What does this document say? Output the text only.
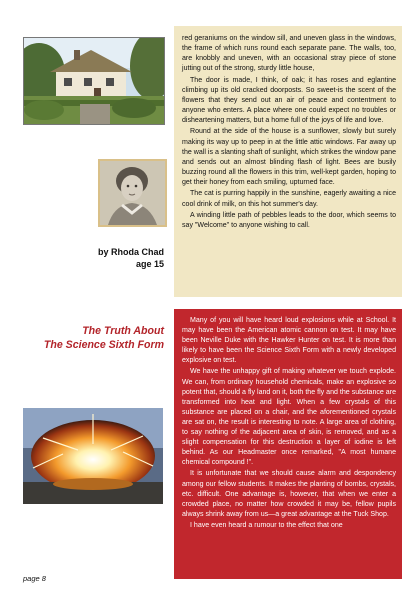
by Rhoda Chad
age 15

red geraniums on the window sill, and uneven glass in the windows, the frame of which runs round each separate pane. The walls, too, are knobbly and uneven, with an occasional stray piece of stone jutting out of the strong, sturdy little house,

The door is made, I think, of oak; it has roses and eglantine climbing up its old cracked doorposts. So sweet-is the scent of the flowers that they send out an air of peace and contentment to anyone who enters. A place where one could expect no troubles or disheartening matters, but a home full of the joys of life and love.

Round at the side of the house is a sunflower, slowly but surely making its way up to peep in at the little attic windows. Far away up the wall is a slanting shaft of sunlight, which strikes the window pane and sends out an almost blinding flash of light. Bees are busily buzzing round all the flowers in this trim, well-kept garden, hoping to get their honey from each smiling, upturned face.

The cat is purring happily in the sunshine, eagerly awaiting a nice cool drink of milk, on this hot summer's day.

A winding little path of pebbles leads to the door, which seems to say "Welcome" to anyone wishing to call.

The Truth About
The Science Sixth Form

Many of you will have heard loud explosions while at School. It may have been the American atomic cannon on test. It may have been Neville Duke with the Hawker Hunter on test. It is more than likely to have been the Science Sixth Form with a newly developed explosive on test.

We have the unhappy gift of making whatever we touch explode. We can, from ordinary household chemicals, make an explosive so potent that, should a fly land on it, both the fly and the substance are transformed into heat and light. When a few crystals of this substance are placed on a chair, and the aforementioned crystals are sat on, the result is interesting to note. A large area of clothing, to say nothing of the adjacent area of skin, is removed, and as a slight compensation for this destruction a layer of iodine is left behind. As our Headmaster once remarked, "A most humane chemical compound !".

It is unfortunate that we should cause alarm and despondency among our fellow students. It makes the planting of bombs, crystals, etc. difficult. One advantage is, however, that when we enter a crowded place, no matter how crowded it may be, fellow pupils always shrink away from us—a great advantage at the Tuck Shop.

I have even heard a rumour to the effect that one

page 8
